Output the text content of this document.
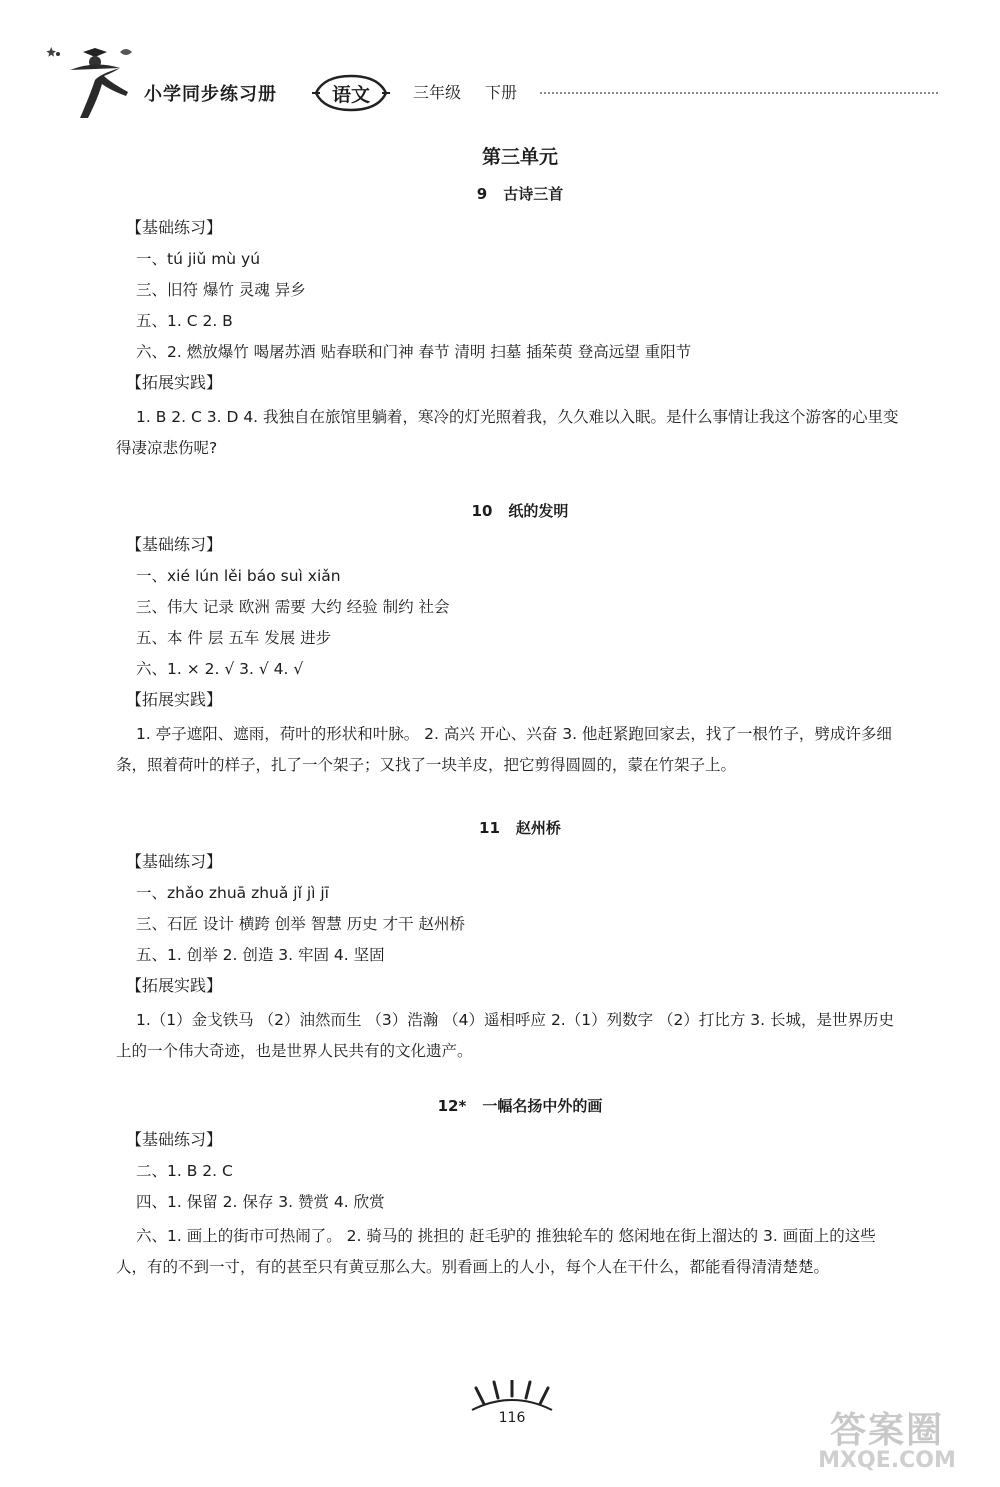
小学同步练习册	语文	三年级 下册
第三单元
9 古诗三首
【基础练习】
一、tú jiǔ mù yú
三、旧符 爆竹 灵魂 异乡
五、1. C 2. B
六、2. 燃放爆竹 喝屠苏酒 贴春联和门神 春节 清明 扫墓 插茱萸 登高远望 重阳节
【拓展实践】
1. B 2. C 3. D 4. 我独自在旅馆里躺着，寒冷的灯光照着我，久久难以入眠。是什么事情让我这个游客的心里变得凄凉悲伤呢?
10 纸的发明
【基础练习】
一、xié lún lěi báo suì xiǎn
三、伟大 记录 欧洲 需要 大约 经验 制约 社会
五、本 件 层 五车 发展 进步
六、1. × 2. √ 3. √ 4. √
【拓展实践】
1. 亭子遮阳、遮雨，荷叶的形状和叶脉。 2. 高兴 开心、兴奋 3. 他赶紧跑回家去，找了一根竹子，劈成许多细条，照着荷叶的样子，扎了一个架子；又找了一块羊皮，把它剪得圆圆的，蒙在竹架子上。
11 赵州桥
【基础练习】
一、zhǎo zhuā zhuǎ jǐ jì jī
三、石匠 设计 横跨 创举 智慧 历史 才干 赵州桥
五、1. 创举 2. 创造 3. 牢固 4. 坚固
【拓展实践】
1.（1）金戈铁马 （2）油然而生 （3）浩瀚 （4）遥相呼应 2.（1）列数字 （2）打比方 3. 长城，是世界历史上的一个伟大奇迹，也是世界人民共有的文化遗产。
12* 一幅名扬中外的画
【基础练习】
二、1. B 2. C
四、1. 保留 2. 保存 3. 赞赏 4. 欣赏
六、1. 画上的街市可热闹了。 2. 骑马的 挑担的 赶毛驴的 推独轮车的 悠闲地在街上溜达的 3. 画面上的这些人，有的不到一寸，有的甚至只有黄豆那么大。别看画上的人小，每个人在干什么，都能看得清清楚楚。
116	答案圈
MXQE.COM
